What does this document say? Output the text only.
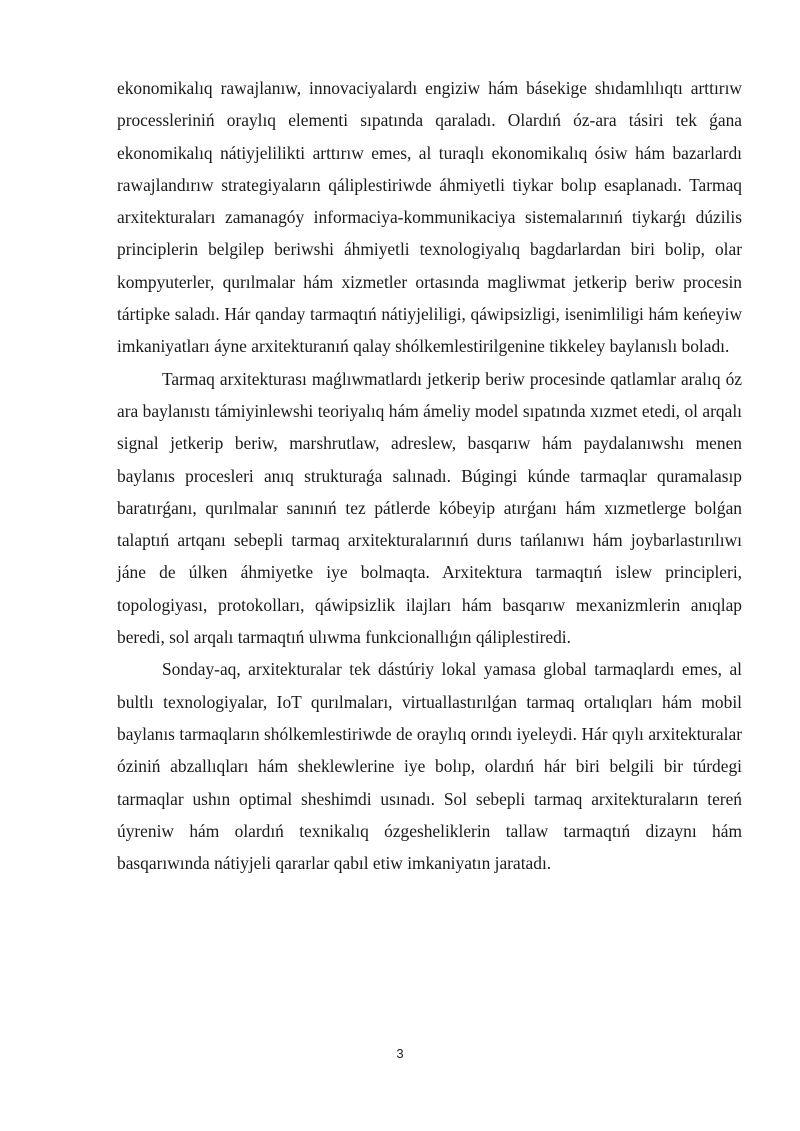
ekonomikalıq rawajlanıw, innovaciyalardı engiziw hám básekige shıdamlılıqtı arttırıw processleriniń oraylıq elementi sıpatında qaraladı. Olardıń óz-ara tásiri tek ǵana ekonomikalıq nátiyjelilikti arttırıw emes, al turaqlı ekonomikalıq ósiw hám bazarlardı rawajlandırıw strategiyaların qáliplestiriwde áhmiyetli tiykar bolıp esaplanadı. Tarmaq arxitekturaları zamanagóy informaciya-kommunikaciya sistemalarınıń tiykarǵı dúzilis principlerin belgilep beriwshi áhmiyetli texnologiyalıq bagdarlardan biri bolip, olar kompyuterler, qurılmalar hám xizmetler ortasında magliwmat jetkerip beriw procesin tártipke saladı. Hár qanday tarmaqtıń nátiyjeliligi, qáwipsizligi, isenimliligi hám keńeyiw imkaniyatları áyne arxitekturanıń qalay shólkemlestirilgenine tikkeley baylanıslı boladı.

Tarmaq arxitekturası maǵlıwmatlardı jetkerip beriw procesinde qatlamlar aralıq óz ara baylanıstı támiyinlewshi teoriyalıq hám ámeliy model sıpatında xızmet etedi, ol arqalı signal jetkerip beriw, marshrutlaw, adreslew, basqarıw hám paydalanıwshı menen baylanıs procesleri anıq strukturaǵa salınadı. Búgingi kúnde tarmaqlar quramalasıp baratırǵanı, qurılmalar sanınıń tez pátlerde kóbeyip atırǵanı hám xızmetlerge bolǵan talaptıń artqanı sebepli tarmaq arxitekturalarınıń durıs tańlanıwı hám joybarlastırılıwı jáne de úlken áhmiyetke iye bolmaqta. Arxitektura tarmaqtıń islew principleri, topologiyası, protokolları, qáwipsizlik ilajları hám basqarıw mexanizmlerin anıqlap beredi, sol arqalı tarmaqtıń ulıwma funkcionallıǵın qáliplestiredi.

Sonday-aq, arxitekturalar tek dástúriy lokal yamasa global tarmaqlardı emes, al bultlı texnologiyalar, IoT qurılmaları, virtuallastırılǵan tarmaq ortalıqları hám mobil baylanıs tarmaqların shólkemlestiriwde de oraylıq orındı iyeleydi. Hár qıylı arxitekturalar óziniń abzallıqları hám sheklewlerine iye bolıp, olardıń hár biri belgili bir túrdegi tarmaqlar ushın optimal sheshimdi usınadı. Sol sebepli tarmaq arxitekturaların tereń úyreniw hám olardıń texnikalıq ózgesheliklerin tallaw tarmaqtıń dizaynı hám basqarıwında nátiyjeli qararlar qabıl etiw imkaniyatın jaratadı.

3
